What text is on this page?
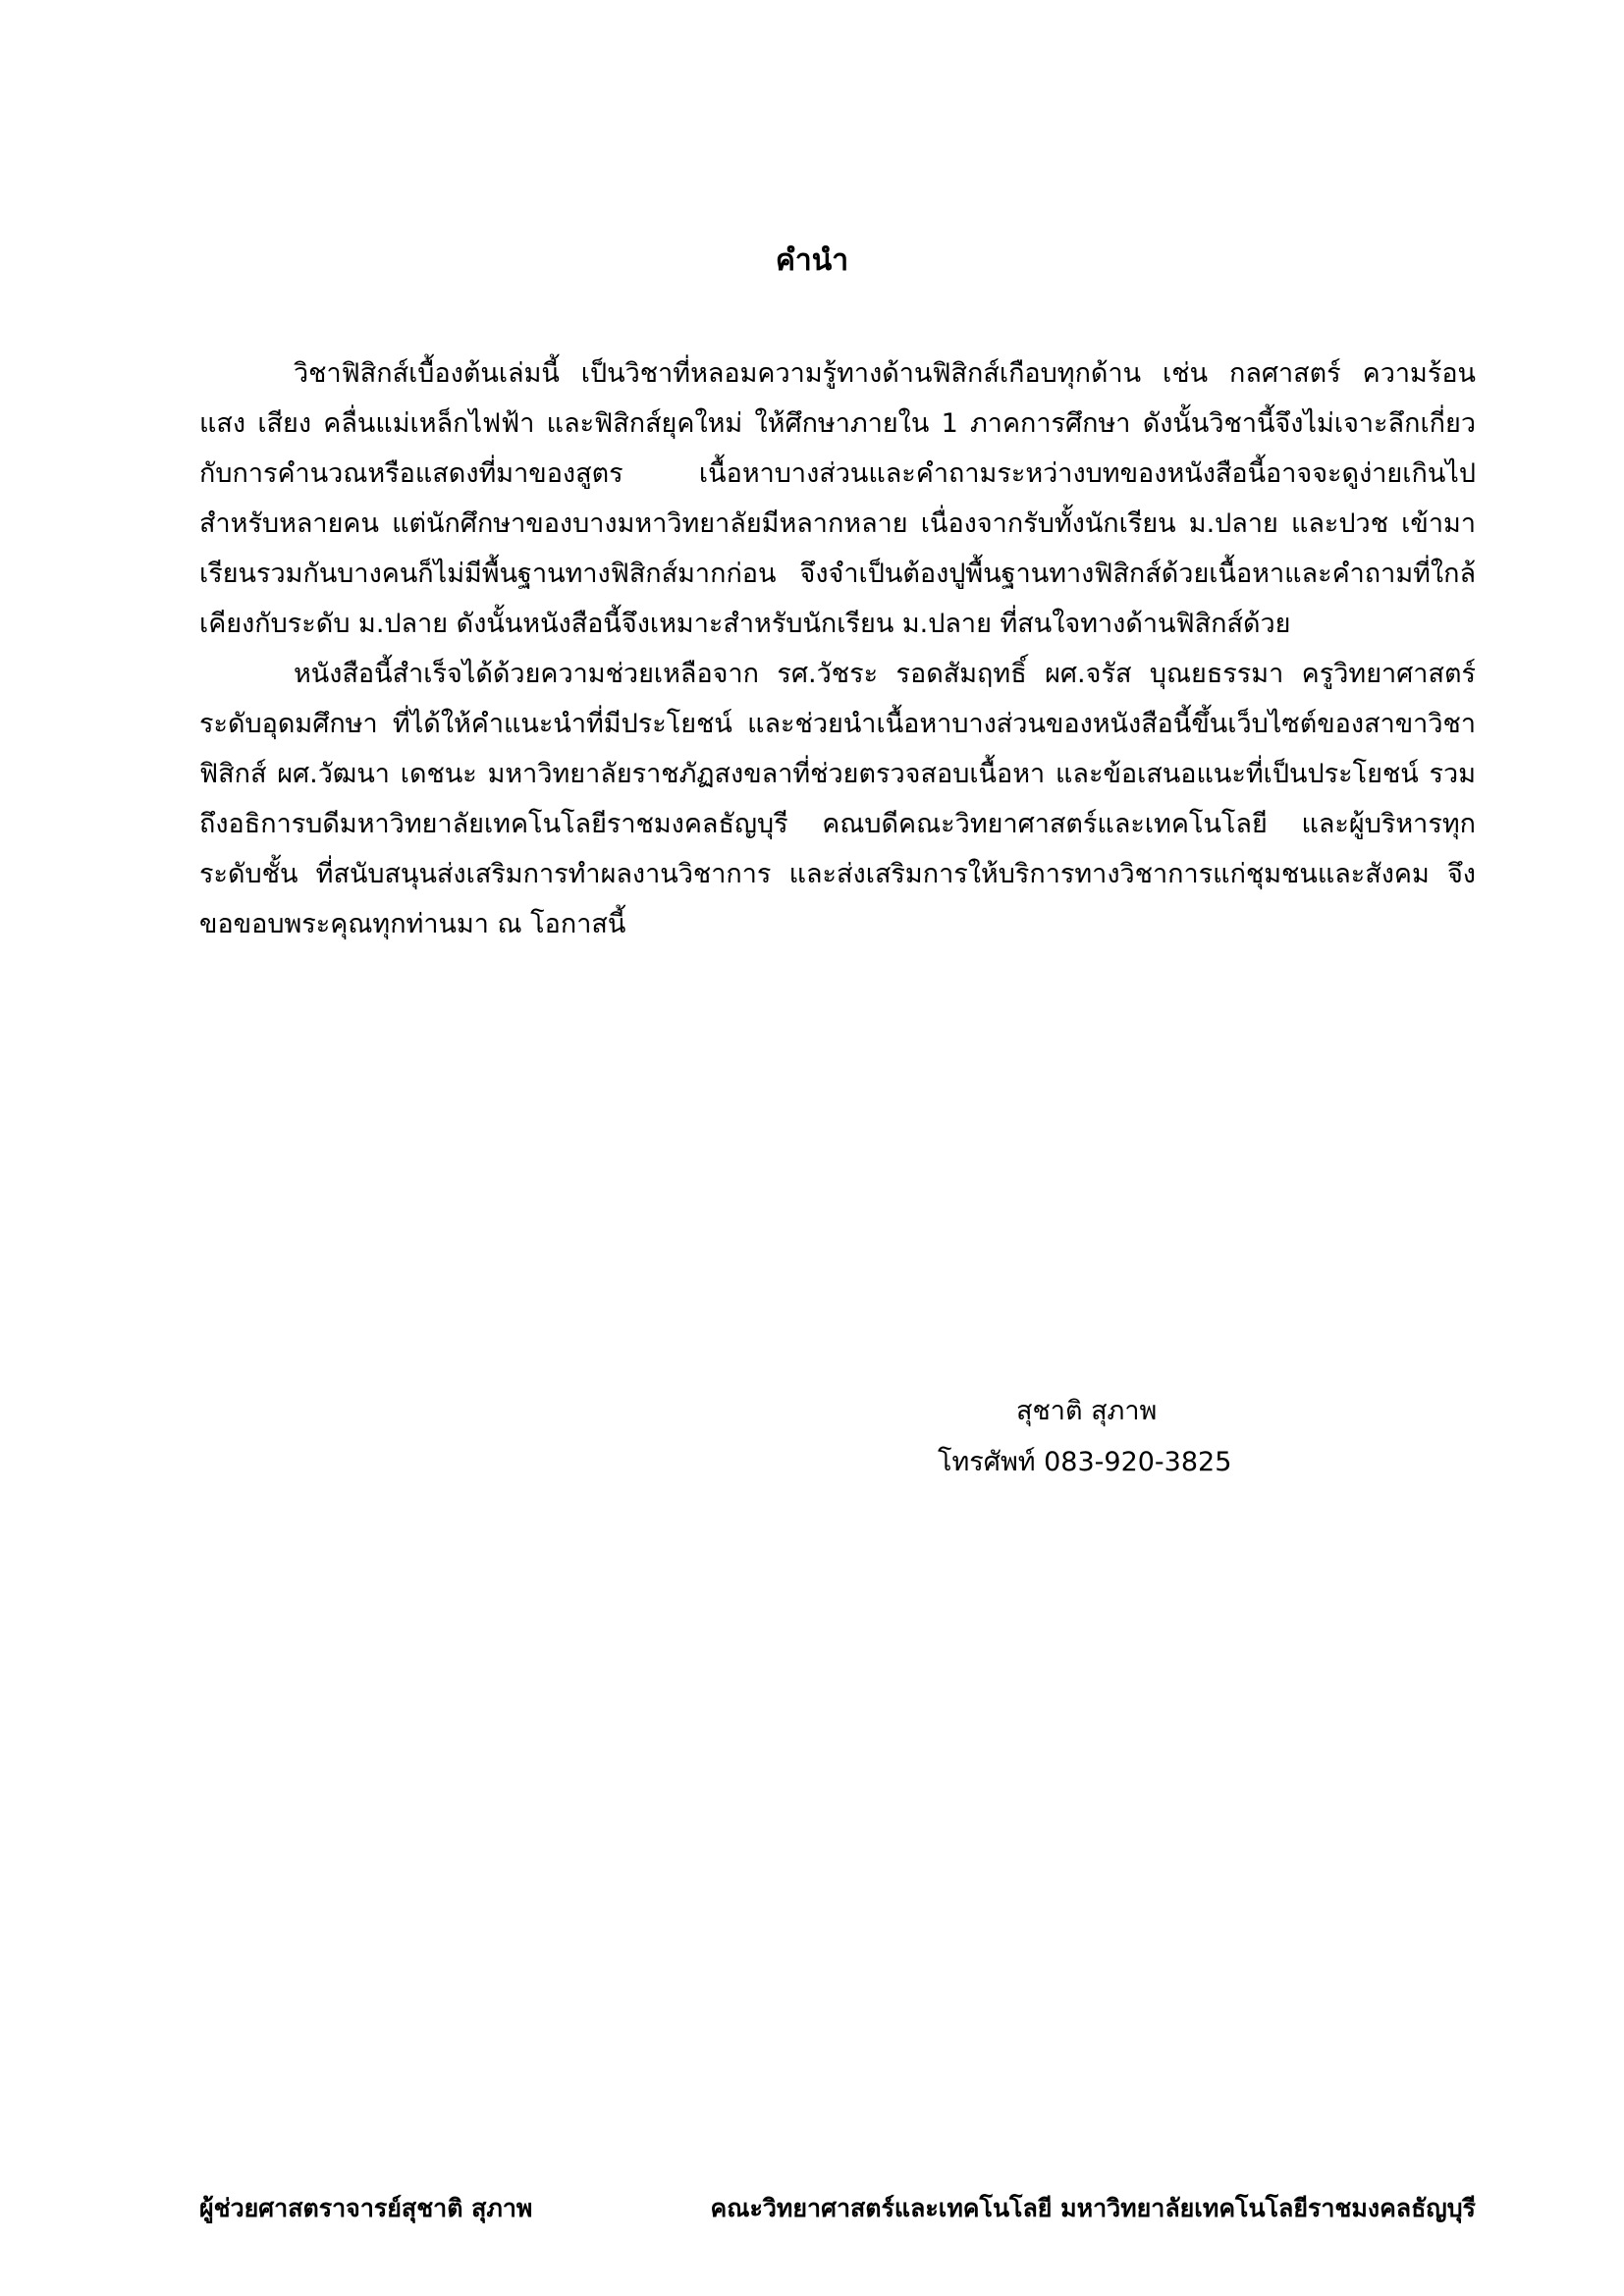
คำนำ

วิชาฟิสิกส์เบื้องต้นเล่มนี้ เป็นวิชาที่หลอมความรู้ทางด้านฟิสิกส์เกือบทุกด้าน เช่น กลศาสตร์ ความร้อน แสง เสียง คลื่นแม่เหล็กไฟฟ้า และฟิสิกส์ยุคใหม่ ให้ศึกษาภายใน 1 ภาคการศึกษา ดังนั้นวิชานี้จึงไม่เจาะลึกเกี่ยวกับการคำนวณหรือแสดงที่มาของสูตร เนื้อหาบางส่วนและคำถามระหว่างบทของหนังสือนี้อาจจะดูง่ายเกินไปสำหรับหลายคน แต่นักศึกษาของบางมหาวิทยาลัยมีหลากหลาย เนื่องจากรับทั้งนักเรียน ม.ปลาย และปวช เข้ามาเรียนรวมกันบางคนก็ไม่มีพื้นฐานทางฟิสิกส์มากก่อน จึงจำเป็นต้องปูพื้นฐานทางฟิสิกส์ด้วยเนื้อหาและคำถามที่ใกล้เคียงกับระดับ ม.ปลาย ดังนั้นหนังสือนี้จึงเหมาะสำหรับนักเรียน ม.ปลาย ที่สนใจทางด้านฟิสิกส์ด้วย

หนังสือนี้สำเร็จได้ด้วยความช่วยเหลือจาก รศ.วัชระ รอดสัมฤทธิ์ ผศ.จรัส บุณยธรรมา ครูวิทยาศาสตร์ระดับอุดมศึกษา ที่ได้ให้คำแนะนำที่มีประโยชน์ และช่วยนำเนื้อหาบางส่วนของหนังสือนี้ขึ้นเว็บไซต์ของสาขาวิชาฟิสิกส์ ผศ.วัฒนา เดชนะ มหาวิทยาลัยราชภัฏสงขลาที่ช่วยตรวจสอบเนื้อหา และข้อเสนอแนะที่เป็นประโยชน์ รวมถึงอธิการบดีมหาวิทยาลัยเทคโนโลยีราชมงคลธัญบุรี คณบดีคณะวิทยาศาสตร์และเทคโนโลยี และผู้บริหารทุกระดับชั้น ที่สนับสนุนส่งเสริมการทำผลงานวิชาการ และส่งเสริมการให้บริการทางวิชาการแก่ชุมชนและสังคม จึงขอขอบพระคุณทุกท่านมา ณ โอกาสนี้

สุชาติ สุภาพ
โทรศัพท์ 083-920-3825
ผู้ช่วยศาสตราจารย์สุชาติ สุภาพ	คณะวิทยาศาสตร์และเทคโนโลยี มหาวิทยาลัยเทคโนโลยีราชมงคลธัญบุรี
